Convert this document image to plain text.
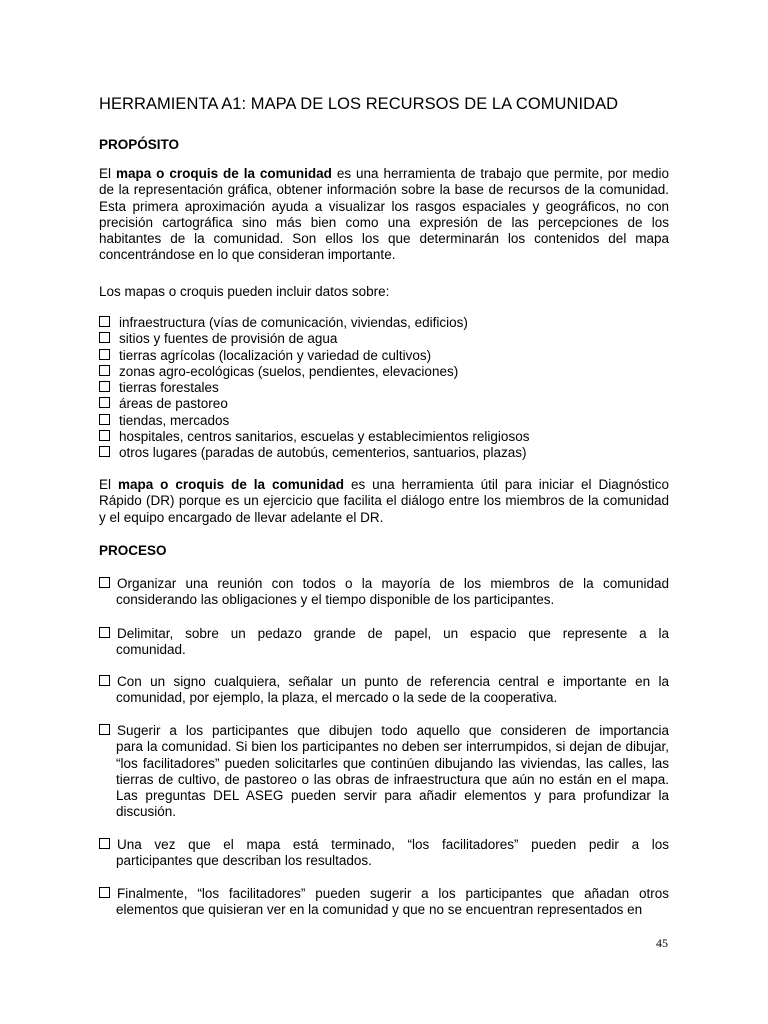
HERRAMIENTA A1: MAPA DE LOS RECURSOS DE LA COMUNIDAD
PROPÓSITO

El mapa o croquis de la comunidad es una herramienta de trabajo que permite, por medio de la representación gráfica, obtener información sobre la base de recursos de la comunidad. Esta primera aproximación ayuda a visualizar los rasgos espaciales y geográficos, no con precisión cartográfica sino más bien como una expresión de las percepciones de los habitantes de la comunidad. Son ellos los que determinarán los contenidos del mapa concentrándose en lo que consideran importante.

Los mapas o croquis pueden incluir datos sobre:

infraestructura (vías de comunicación, viviendas, edificios)
sitios y fuentes de provisión de agua
tierras agrícolas (localización y variedad de cultivos)
zonas agro-ecológicas (suelos, pendientes, elevaciones)
tierras forestales
áreas de pastoreo
tiendas, mercados
hospitales, centros sanitarios, escuelas y establecimientos religiosos
otros lugares (paradas de autobús, cementerios, santuarios, plazas)

El mapa o croquis de la comunidad es una herramienta útil para iniciar el Diagnóstico Rápido (DR) porque es un ejercicio que facilita el diálogo entre los miembros de la comunidad y el equipo encargado de llevar adelante el DR.

PROCESO
Organizar una reunión con todos o la mayoría de los miembros de la comunidad
considerando las obligaciones y el tiempo disponible de los participantes.
Delimitar, sobre un pedazo grande de papel, un espacio que represente a la
comunidad.
Con un signo cualquiera, señalar un punto de referencia central e importante en la
comunidad, por ejemplo, la plaza, el mercado o la sede de la cooperativa.
Sugerir a los participantes que dibujen todo aquello que consideren de importancia
para la comunidad. Si bien los participantes no deben ser interrumpidos, si dejan de dibujar, “los facilitadores” pueden solicitarles que continúen dibujando las viviendas, las calles, las tierras de cultivo, de pastoreo o las obras de infraestructura que aún no están en el mapa. Las preguntas DEL ASEG pueden servir para añadir elementos y para profundizar la discusión.
Una vez que el mapa está terminado, “los facilitadores” pueden pedir a los
participantes que describan los resultados.
Finalmente, “los facilitadores” pueden sugerir a los participantes que añadan otros
elementos que quisieran ver en la comunidad y que no se encuentran representados en
45
